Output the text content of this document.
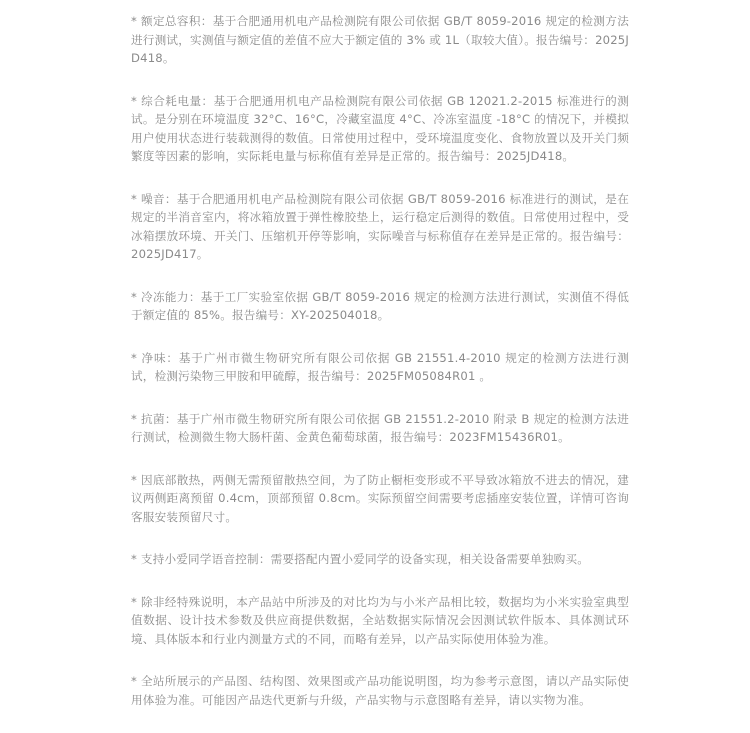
* 额定总容积：基于合肥通用机电产品检测院有限公司依据 GB/T 8059-2016 规定的检测方法进行测试，实测值与额定值的差值不应大于额定值的 3% 或 1L（取较大值）。报告编号：2025JD418。

* 综合耗电量：基于合肥通用机电产品检测院有限公司依据 GB 12021.2-2015 标准进行的测试。是分别在环境温度 32°C、16°C，冷藏室温度 4°C、冷冻室温度 -18°C 的情况下，并模拟用户使用状态进行装载测得的数值。日常使用过程中，受环境温度变化、食物放置以及开关门频繁度等因素的影响，实际耗电量与标称值有差异是正常的。报告编号：2025JD418。

* 噪音：基于合肥通用机电产品检测院有限公司依据 GB/T 8059-2016 标准进行的测试，是在规定的半消音室内，将冰箱放置于弹性橡胶垫上，运行稳定后测得的数值。日常使用过程中，受冰箱摆放环境、开关门、压缩机开停等影响，实际噪音与标称值存在差异是正常的。报告编号：2025JD417。

* 冷冻能力：基于工厂实验室依据 GB/T 8059-2016 规定的检测方法进行测试，实测值不得低于额定值的 85%。报告编号：XY-202504018。

* 净味：基于广州市微生物研究所有限公司依据 GB 21551.4-2010 规定的检测方法进行测试，检测污染物三甲胺和甲硫醇，报告编号：2025FM05084R01 。

* 抗菌：基于广州市微生物研究所有限公司依据 GB 21551.2-2010 附录 B 规定的检测方法进行测试，检测微生物大肠杆菌、金黄色葡萄球菌，报告编号：2023FM15436R01。

* 因底部散热，两侧无需预留散热空间，为了防止橱柜变形或不平导致冰箱放不进去的情况，建议两侧距离预留 0.4cm，顶部预留 0.8cm。实际预留空间需要考虑插座安装位置，详情可咨询客服安装预留尺寸。

* 支持小爱同学语音控制：需要搭配内置小爱同学的设备实现，相关设备需要单独购买。

* 除非经特殊说明，本产品站中所涉及的对比均为与小米产品相比较，数据均为小米实验室典型值数据、设计技术参数及供应商提供数据，全站数据实际情况会因测试软件版本、具体测试环境、具体版本和行业内测量方式的不同，而略有差异，以产品实际使用体验为准。

* 全站所展示的产品图、结构图、效果图或产品功能说明图，均为参考示意图，请以产品实际使用体验为准。可能因产品迭代更新与升级，产品实物与示意图略有差异，请以实物为准。
